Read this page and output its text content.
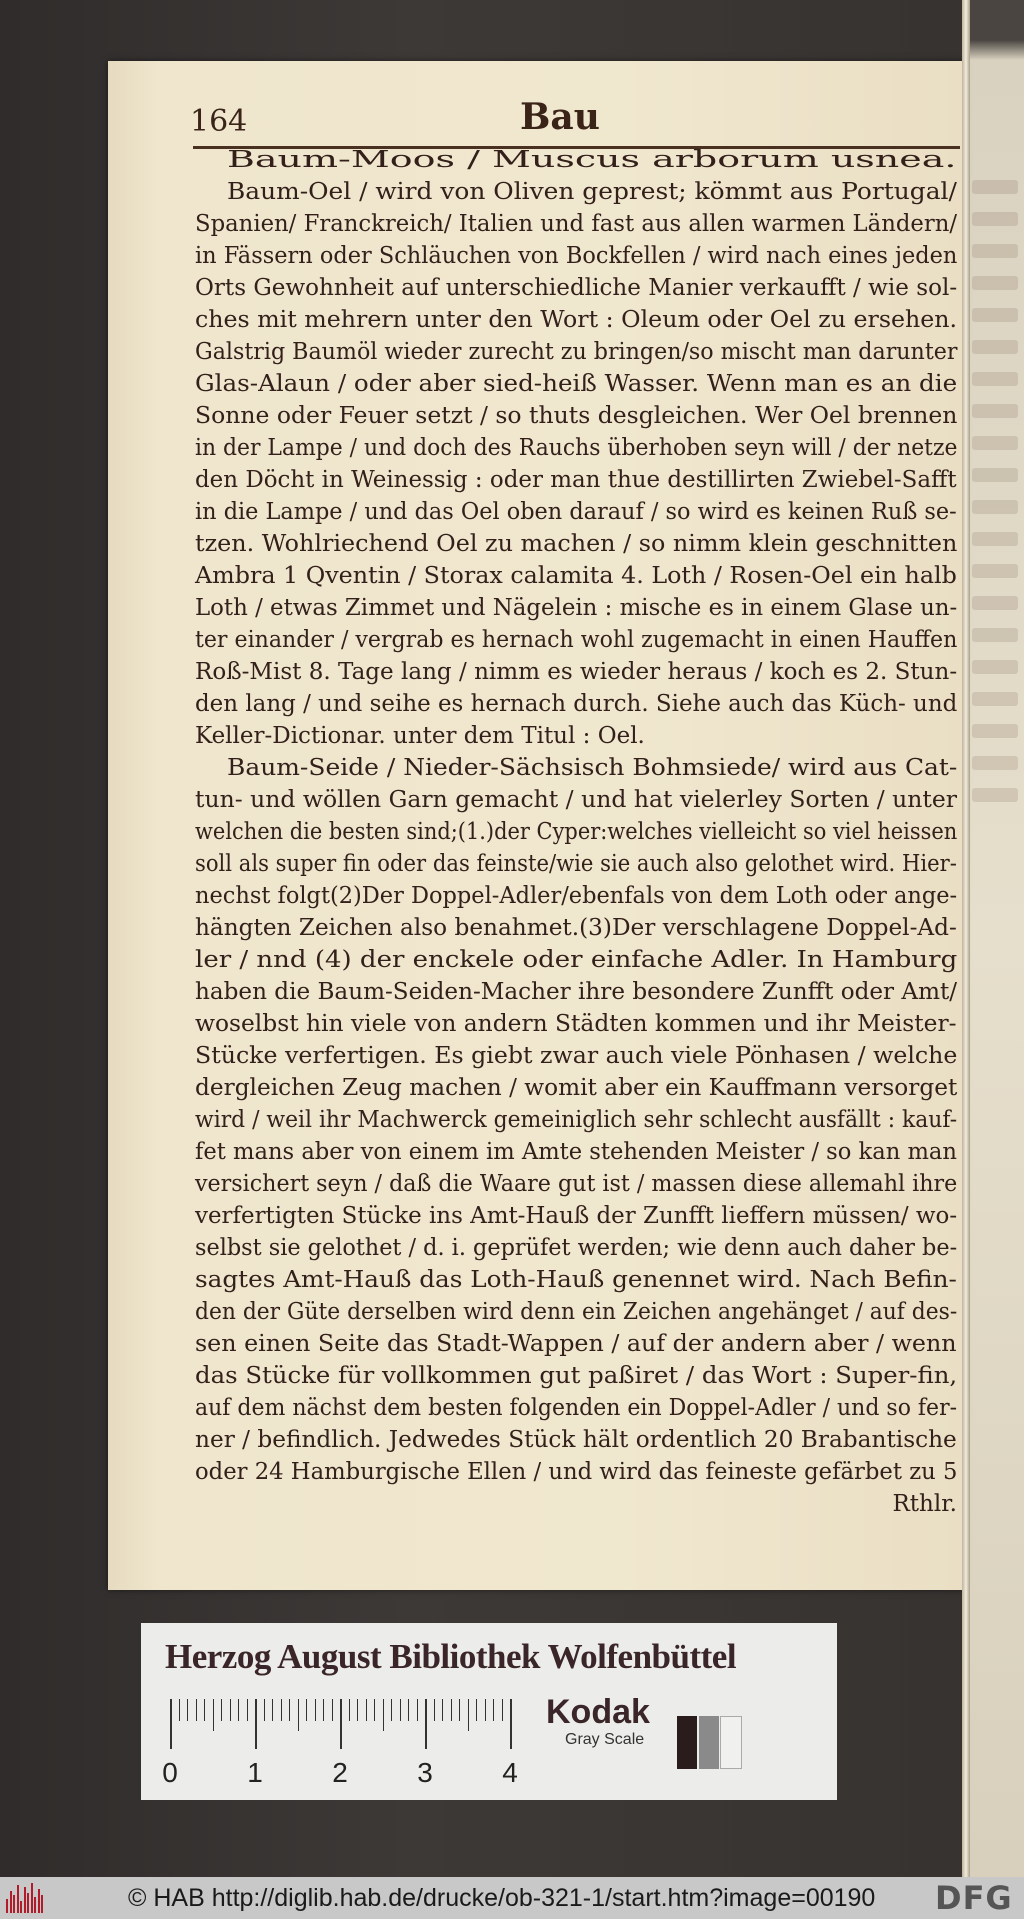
164	Bau
Baum-Moos / Muscus arborum usnea.
Baum-Oel / wird von Oliven geprest; kömmt aus Portugal/
Spanien/ Franckreich/ Italien und fast aus allen warmen Ländern/
in Fässern oder Schläuchen von Bockfellen / wird nach eines jeden
Orts Gewohnheit auf unterschiedliche Manier verkaufft / wie sol-
ches mit mehrern unter den Wort : Oleum oder Oel zu ersehen.
Galstrig Baumöl wieder zurecht zu bringen/so mischt man darunter
Glas-Alaun / oder aber sied-heiß Wasser. Wenn man es an die
Sonne oder Feuer setzt / so thuts desgleichen. Wer Oel brennen
in der Lampe / und doch des Rauchs überhoben seyn will / der netze
den Döcht in Weinessig : oder man thue destillirten Zwiebel-Safft
in die Lampe / und das Oel oben darauf / so wird es keinen Ruß se-
tzen. Wohlriechend Oel zu machen / so nimm klein geschnitten
Ambra 1 Qventin / Storax calamita 4. Loth / Rosen-Oel ein halb
Loth / etwas Zimmet und Nägelein : mische es in einem Glase un-
ter einander / vergrab es hernach wohl zugemacht in einen Hauffen
Roß-Mist 8. Tage lang / nimm es wieder heraus / koch es 2. Stun-
den lang / und seihe es hernach durch. Siehe auch das Küch- und
Keller-Dictionar. unter dem Titul : Oel.
Baum-Seide / Nieder-Sächsisch Bohmsiede/ wird aus Cat-
tun- und wöllen Garn gemacht / und hat vielerley Sorten / unter
welchen die besten sind;(1.)der Cyper:welches vielleicht so viel heissen
soll als super fin oder das feinste/wie sie auch also gelothet wird. Hier-
nechst folgt(2)Der Doppel-Adler/ebenfals von dem Loth oder ange-
hängten Zeichen also benahmet.(3)Der verschlagene Doppel-Ad-
ler / nnd (4) der enckele oder einfache Adler. In Hamburg
haben die Baum-Seiden-Macher ihre besondere Zunfft oder Amt/
woselbst hin viele von andern Städten kommen und ihr Meister-
Stücke verfertigen. Es giebt zwar auch viele Pönhasen / welche
dergleichen Zeug machen / womit aber ein Kauffmann versorget
wird / weil ihr Machwerck gemeiniglich sehr schlecht ausfällt : kauf-
fet mans aber von einem im Amte stehenden Meister / so kan man
versichert seyn / daß die Waare gut ist / massen diese allemahl ihre
verfertigten Stücke ins Amt-Hauß der Zunfft lieffern müssen/ wo-
selbst sie gelothet / d. i. geprüfet werden; wie denn auch daher be-
sagtes Amt-Hauß das Loth-Hauß genennet wird. Nach Befin-
den der Güte derselben wird denn ein Zeichen angehänget / auf des-
sen einen Seite das Stadt-Wappen / auf der andern aber / wenn
das Stücke für vollkommen gut paßiret / das Wort : Super-fin,
auf dem nächst dem besten folgenden ein Doppel-Adler / und so fer-
ner / befindlich. Jedwedes Stück hält ordentlich 20 Brabantische
oder 24 Hamburgische Ellen / und wird das feineste gefärbet zu 5
Rthlr.
Herzog August Bibliothek Wolfenbüttel
0 1 2 3 4
Kodak
Gray Scale
© HAB http://diglib.hab.de/drucke/ob-321-1/start.htm?image=00190 DFG
